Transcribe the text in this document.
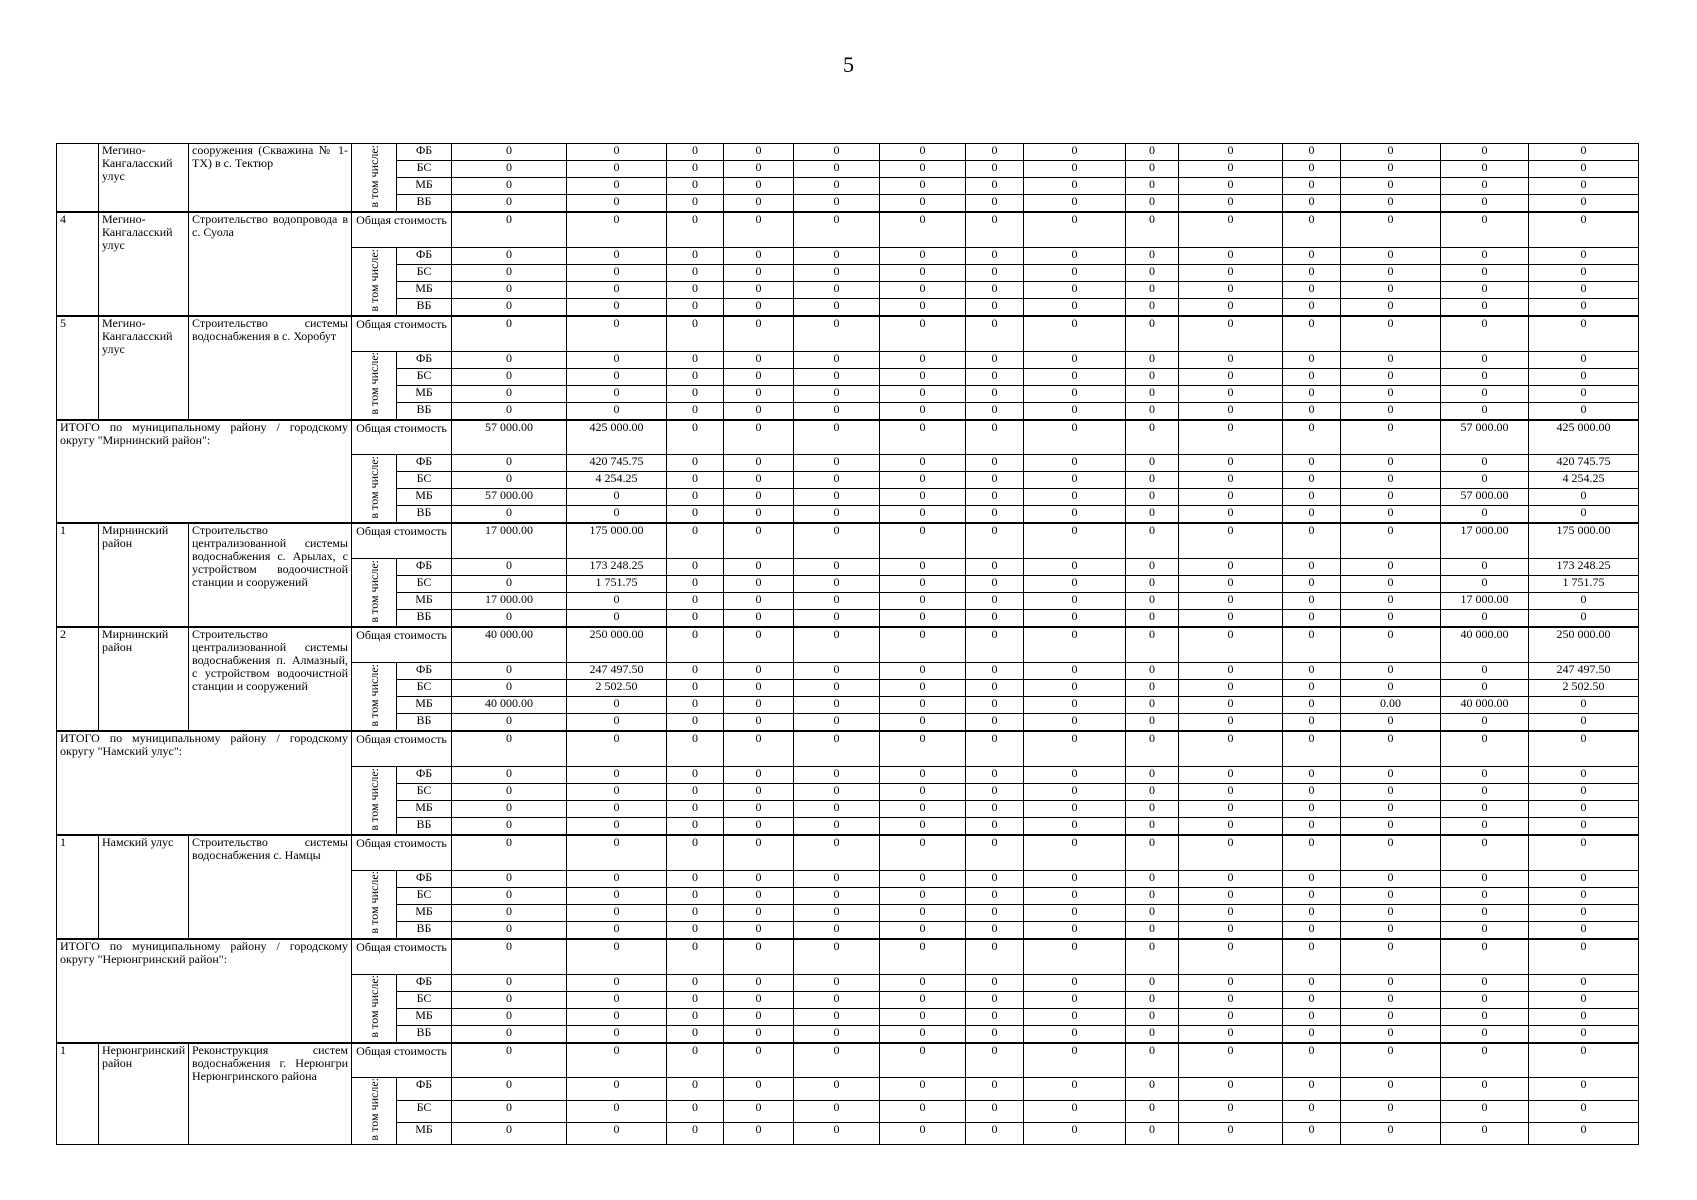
5
	Мегино-Кангаласский улус	сооружения (Скважина № 1-ТХ) в с. Тектюр	в том числе:	ФБ	0	0	0	0	0	0	0	0	0	0	0	0	0	0
				БС	0	0	0	0	0	0	0	0	0	0	0	0	0	0
				МБ	0	0	0	0	0	0	0	0	0	0	0	0	0	0
				ВБ	0	0	0	0	0	0	0	0	0	0	0	0	0	0
4	Мегино-Кангаласский улус	Строительство водопровода в с. Суола	Общая стоимость		0	0	0	0	0	0	0	0	0	0	0	0	0	0

			в том числе:	ФБ	0	0	0	0	0	0	0	0	0	0	0	0	0	0
				БС	0	0	0	0	0	0	0	0	0	0	0	0	0	0
				МБ	0	0	0	0	0	0	0	0	0	0	0	0	0	0
				ВБ	0	0	0	0	0	0	0	0	0	0	0	0	0	0
5	Мегино-Кангаласский улус	Строительство системы водоснабжения в с. Хоробут	Общая стоимость		0	0	0	0	0	0	0	0	0	0	0	0	0	0

			в том числе:	ФБ	0	0	0	0	0	0	0	0	0	0	0	0	0	0
				БС	0	0	0	0	0	0	0	0	0	0	0	0	0	0
				МБ	0	0	0	0	0	0	0	0	0	0	0	0	0	0
				ВБ	0	0	0	0	0	0	0	0	0	0	0	0	0	0
ИТОГО по муниципальному району / городскому округу "Мирнинский район":			Общая стоимость		57 000.00	425 000.00	0	0	0	0	0	0	0	0	0	0	57 000.00	425 000.00

			в том числе:	ФБ	0	420 745.75	0	0	0	0	0	0	0	0	0	0	0	420 745.75
				БС	0	4 254.25	0	0	0	0	0	0	0	0	0	0	0	4 254.25
				МБ	57 000.00	0	0	0	0	0	0	0	0	0	0	0	57 000.00	0
				ВБ	0	0	0	0	0	0	0	0	0	0	0	0	0	0
1	Мирнинский район	Строительство централизованной системы водоснабжения с. Арылах, с устройством водоочистной станции и сооружений	Общая стоимость		17 000.00	175 000.00	0	0	0	0	0	0	0	0	0	0	17 000.00	175 000.00

			в том числе:	ФБ	0	173 248.25	0	0	0	0	0	0	0	0	0	0	0	173 248.25
				БС	0	1 751.75	0	0	0	0	0	0	0	0	0	0	0	1 751.75
				МБ	17 000.00	0	0	0	0	0	0	0	0	0	0	0	17 000.00	0
				ВБ	0	0	0	0	0	0	0	0	0	0	0	0	0	0
2	Мирнинский район	Строительство централизованной системы водоснабжения п. Алмазный, с устройством водоочистной станции и сооружений	Общая стоимость		40 000.00	250 000.00	0	0	0	0	0	0	0	0	0	0	40 000.00	250 000.00

			в том числе:	ФБ	0	247 497.50	0	0	0	0	0	0	0	0	0	0	0	247 497.50
				БС	0	2 502.50	0	0	0	0	0	0	0	0	0	0	0	2 502.50
				МБ	40 000.00	0	0	0	0	0	0	0	0	0	0	0.00	40 000.00	0
				ВБ	0	0	0	0	0	0	0	0	0	0	0	0	0	0
ИТОГО по муниципальному району / городскому округу "Намский улус":			Общая стоимость		0	0	0	0	0	0	0	0	0	0	0	0	0	0

			в том числе:	ФБ	0	0	0	0	0	0	0	0	0	0	0	0	0	0
				БС	0	0	0	0	0	0	0	0	0	0	0	0	0	0
				МБ	0	0	0	0	0	0	0	0	0	0	0	0	0	0
				ВБ	0	0	0	0	0	0	0	0	0	0	0	0	0	0
1	Намский улус	Строительство системы водоснабжения с. Намцы	Общая стоимость		0	0	0	0	0	0	0	0	0	0	0	0	0	0

			в том числе:	ФБ	0	0	0	0	0	0	0	0	0	0	0	0	0	0
				БС	0	0	0	0	0	0	0	0	0	0	0	0	0	0
				МБ	0	0	0	0	0	0	0	0	0	0	0	0	0	0
				ВБ	0	0	0	0	0	0	0	0	0	0	0	0	0	0
ИТОГО по муниципальному району / городскому округу "Нерюнгринский район":			Общая стоимость		0	0	0	0	0	0	0	0	0	0	0	0	0	0

			в том числе:	ФБ	0	0	0	0	0	0	0	0	0	0	0	0	0	0
				БС	0	0	0	0	0	0	0	0	0	0	0	0	0	0
				МБ	0	0	0	0	0	0	0	0	0	0	0	0	0	0
				ВБ	0	0	0	0	0	0	0	0	0	0	0	0	0	0
1	Нерюнгринский район	Реконструкция систем водоснабжения г. Нерюнгри Нерюнгринского района	Общая стоимость		0	0	0	0	0	0	0	0	0	0	0	0	0	0

			в том числе:	ФБ	0	0	0	0	0	0	0	0	0	0	0	0	0	0
				БС	0	0	0	0	0	0	0	0	0	0	0	0	0	0
				МБ	0	0	0	0	0	0	0	0	0	0	0	0	0	0
